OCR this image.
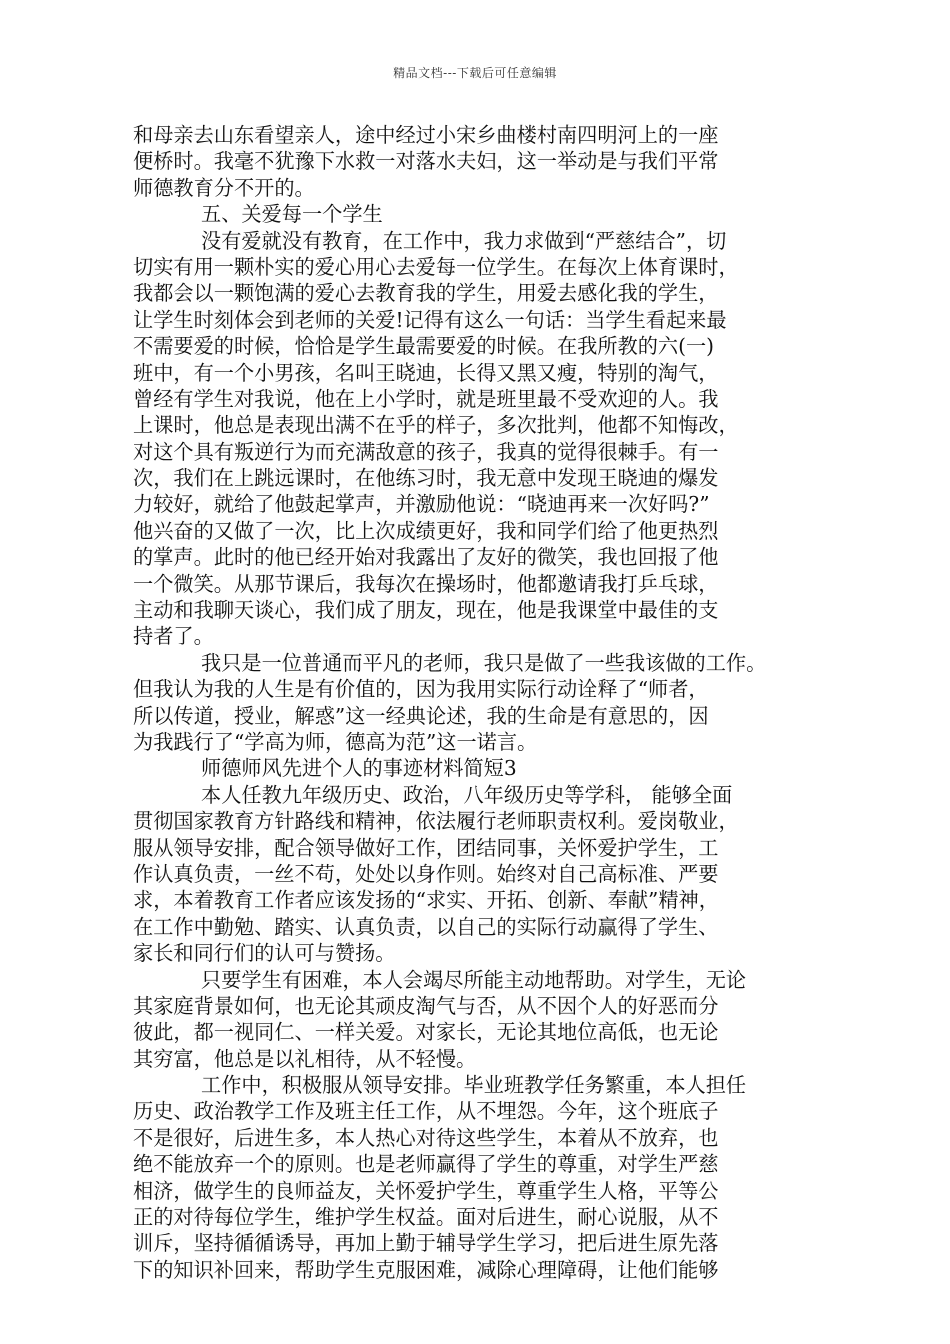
精品文档---下载后可任意编辑
和母亲去山东看望亲人，途中经过小宋乡曲楼村南四明河上的一座
便桥时。我毫不犹豫下水救一对落水夫妇，这一举动是与我们平常
师德教育分不开的。
五、关爱每一个学生
没有爱就没有教育，在工作中，我力求做到“严慈结合”，切
切实有用一颗朴实的爱心用心去爱每一位学生。在每次上体育课时，
我都会以一颗饱满的爱心去教育我的学生，用爱去感化我的学生，
让学生时刻体会到老师的关爱!记得有这么一句话：当学生看起来最
不需要爱的时候，恰恰是学生最需要爱的时候。在我所教的六(一)
班中，有一个小男孩，名叫王晓迪，长得又黑又瘦，特别的淘气，
曾经有学生对我说，他在上小学时，就是班里最不受欢迎的人。我
上课时，他总是表现出满不在乎的样子，多次批判，他都不知悔改，
对这个具有叛逆行为而充满敌意的孩子，我真的觉得很棘手。有一
次，我们在上跳远课时，在他练习时，我无意中发现王晓迪的爆发
力较好，就给了他鼓起掌声，并激励他说：“晓迪再来一次好吗?”
他兴奋的又做了一次，比上次成绩更好，我和同学们给了他更热烈
的掌声。此时的他已经开始对我露出了友好的微笑，我也回报了他
一个微笑。从那节课后，我每次在操场时，他都邀请我打乒乓球，
主动和我聊天谈心，我们成了朋友，现在，他是我课堂中最佳的支
持者了。
我只是一位普通而平凡的老师，我只是做了一些我该做的工作。
但我认为我的人生是有价值的，因为我用实际行动诠释了“师者，
所以传道，授业，解惑”这一经典论述，我的生命是有意思的，因
为我践行了“学高为师，德高为范”这一诺言。
师德师风先进个人的事迹材料简短3
本人任教九年级历史、政治，八年级历史等学科， 能够全面
贯彻国家教育方针路线和精神，依法履行老师职责权利。爱岗敬业，
服从领导安排，配合领导做好工作，团结同事，关怀爱护学生，工
作认真负责，一丝不苟，处处以身作则。始终对自己高标准、严要
求，本着教育工作者应该发扬的“求实、开拓、创新、奉献”精神，
在工作中勤勉、踏实、认真负责，以自己的实际行动赢得了学生、
家长和同行们的认可与赞扬。
只要学生有困难，本人会竭尽所能主动地帮助。对学生，无论
其家庭背景如何，也无论其顽皮淘气与否，从不因个人的好恶而分
彼此，都一视同仁、一样关爱。对家长，无论其地位高低，也无论
其穷富，他总是以礼相待，从不轻慢。
工作中，积极服从领导安排。毕业班教学任务繁重，本人担任
历史、政治教学工作及班主任工作，从不埋怨。今年，这个班底子
不是很好，后进生多，本人热心对待这些学生，本着从不放弃，也
绝不能放弃一个的原则。也是老师赢得了学生的尊重，对学生严慈
相济，做学生的良师益友，关怀爱护学生，尊重学生人格，平等公
正的对待每位学生，维护学生权益。面对后进生，耐心说服，从不
训斥，坚持循循诱导，再加上勤于辅导学生学习，把后进生原先落
下的知识补回来，帮助学生克服困难，减除心理障碍，让他们能够
